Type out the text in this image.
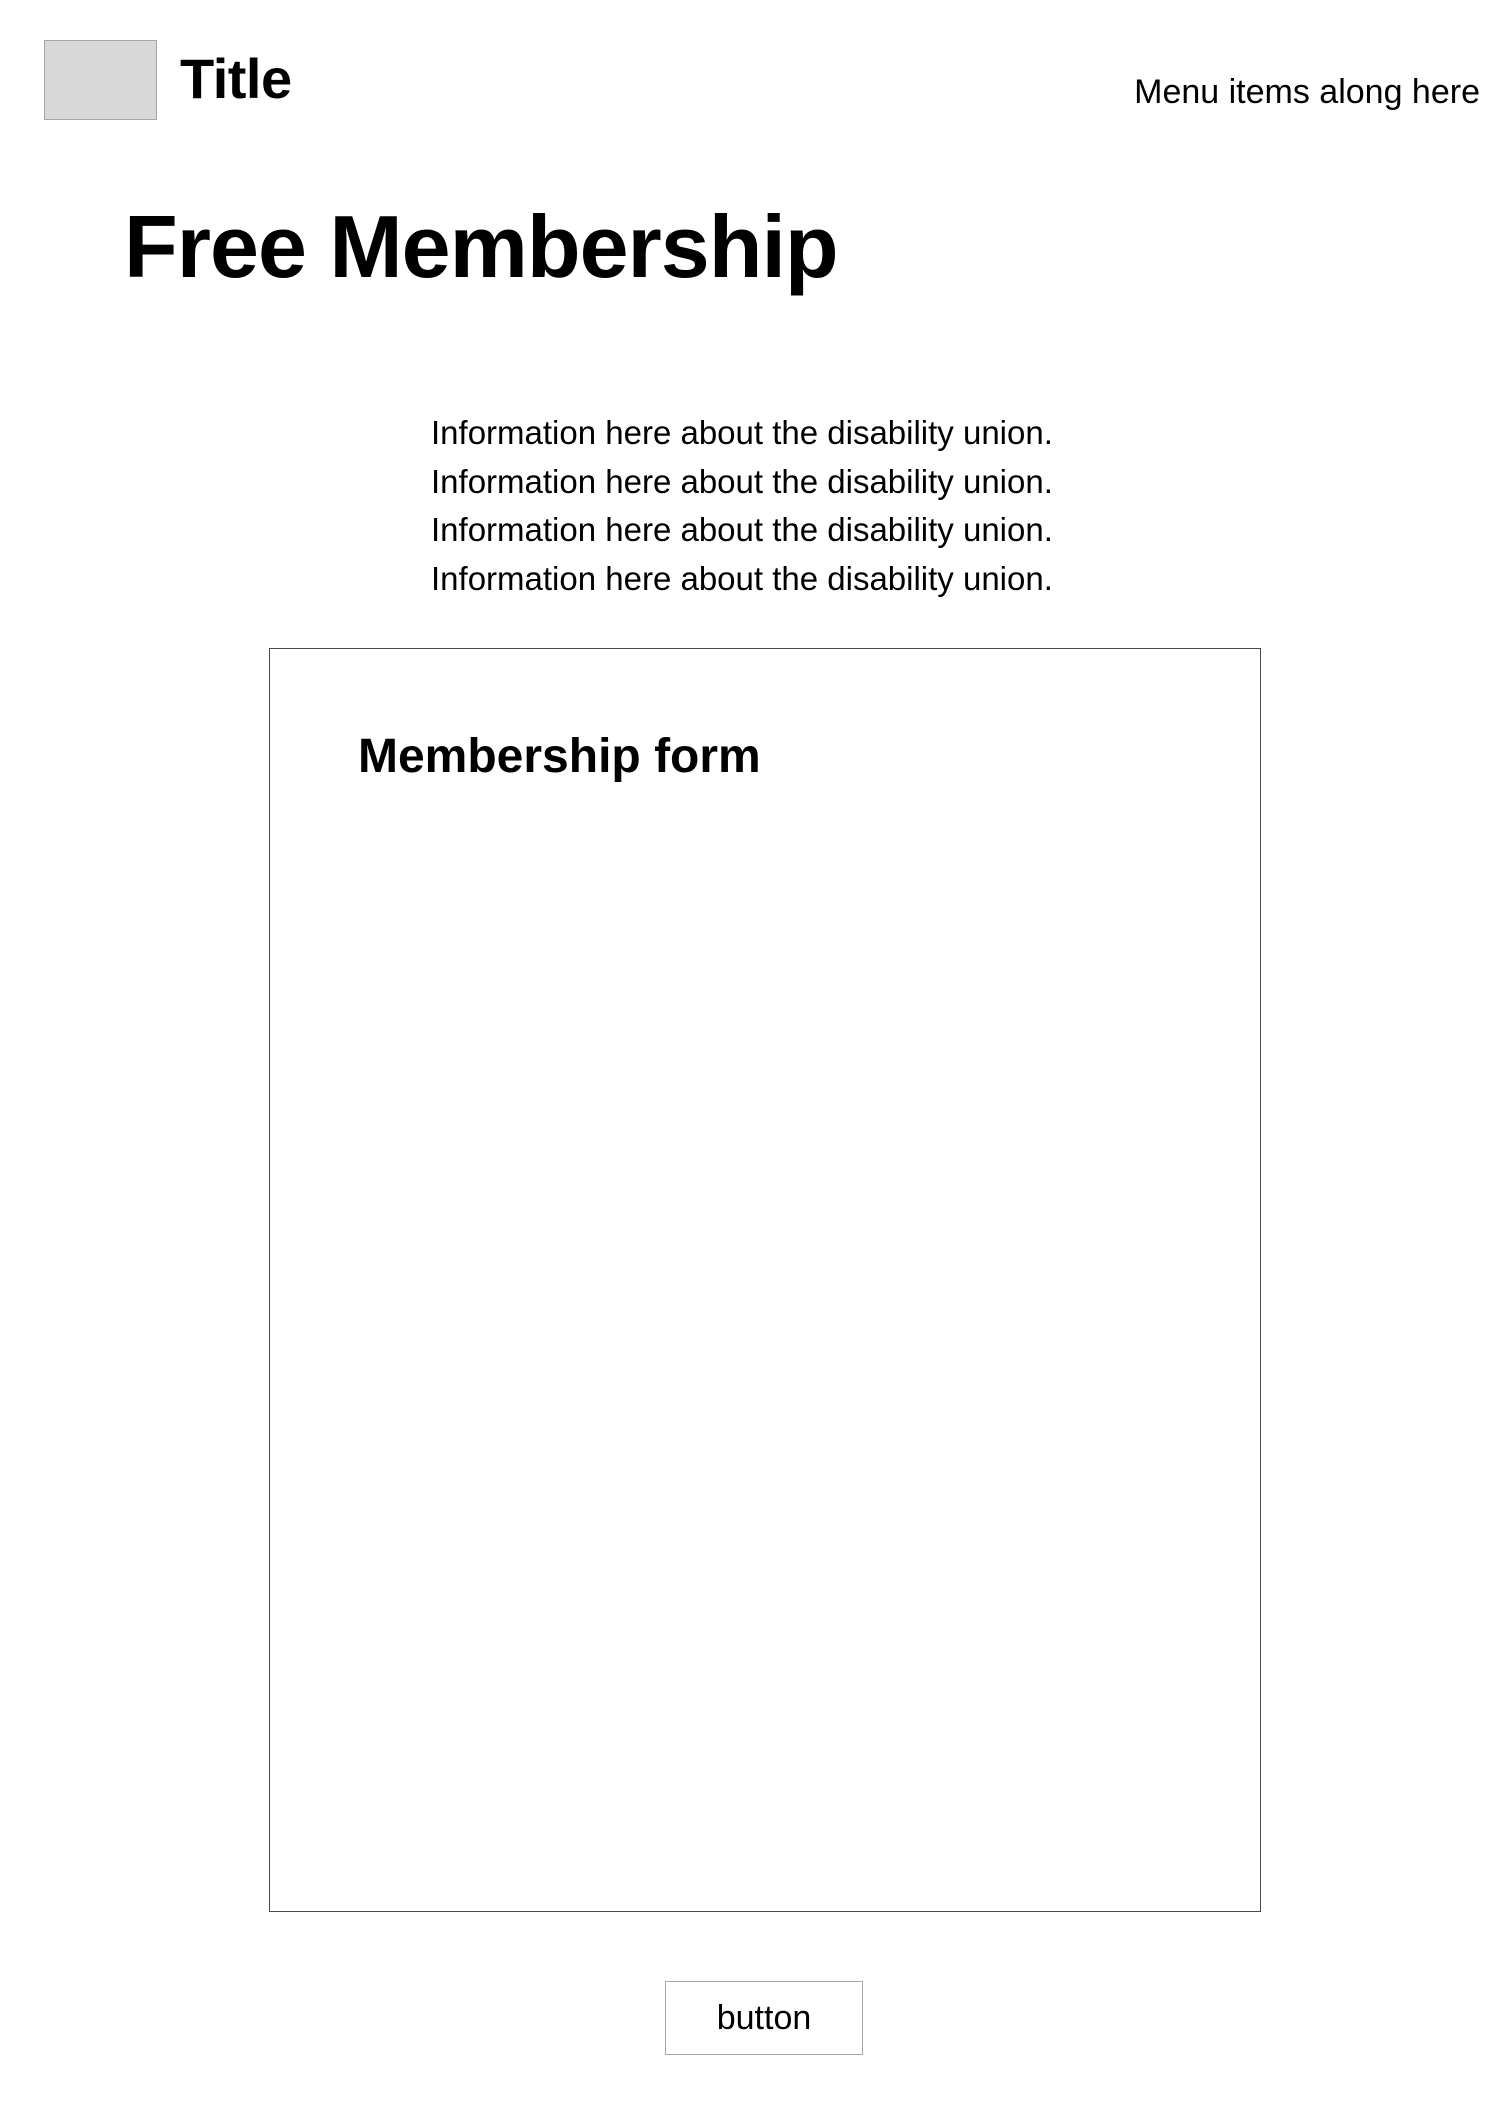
Title	Menu items along here
Free Membership
Information here about the disability union.
Information here about the disability union.
Information here about the disability union.
Information here about the disability union.
Membership form
button
